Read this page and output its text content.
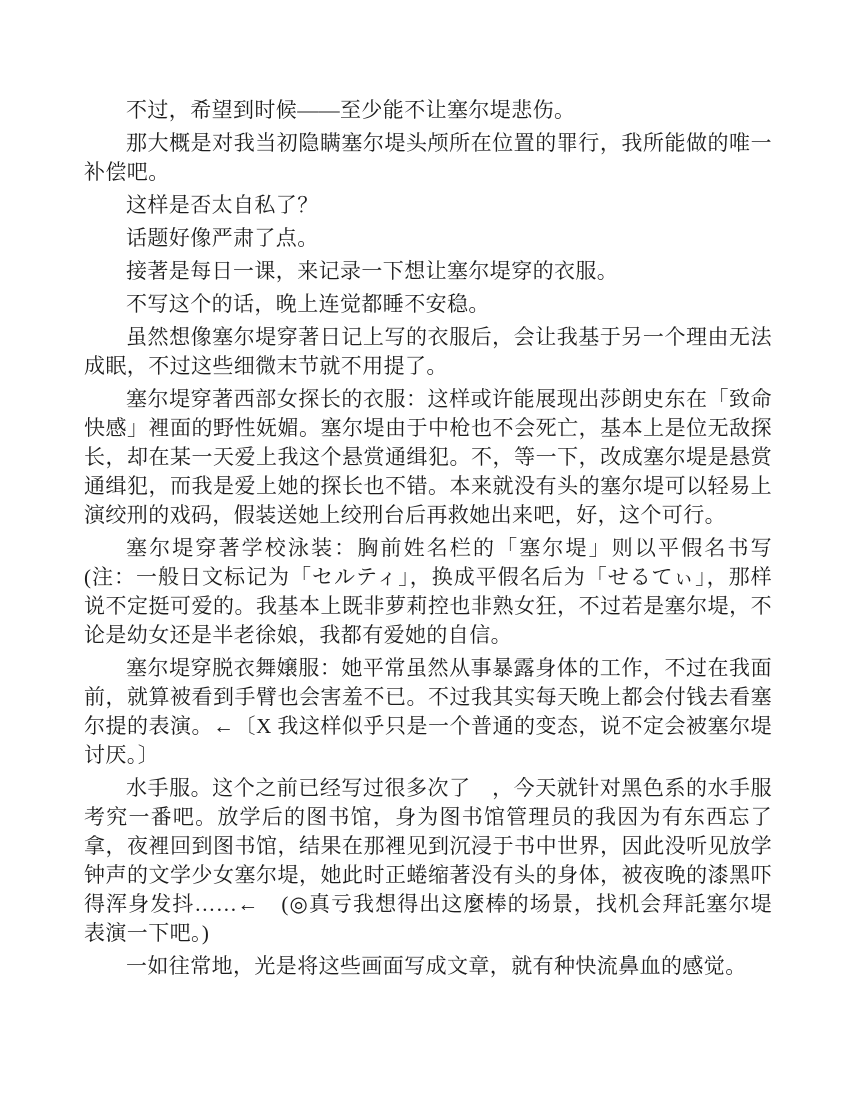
不过，希望到时候——至少能不让塞尔堤悲伤。

那大概是对我当初隐瞒塞尔堤头颅所在位置的罪行，我所能做的唯一补偿吧。

这样是否太自私了？

话题好像严肃了点。

接著是每日一课，来记录一下想让塞尔堤穿的衣服。

不写这个的话，晚上连觉都睡不安稳。

虽然想像塞尔堤穿著日记上写的衣服后，会让我基于另一个理由无法成眠，不过这些细微末节就不用提了。

塞尔堤穿著西部女探长的衣服：这样或许能展现出莎朗史东在「致命快感」裡面的野性妩媚。塞尔堤由于中枪也不会死亡，基本上是位无敌探长，却在某一天爱上我这个悬赏通缉犯。不，等一下，改成塞尔堤是悬赏通缉犯，而我是爱上她的探长也不错。本来就没有头的塞尔堤可以轻易上演绞刑的戏码，假装送她上绞刑台后再救她出来吧，好，这个可行。

塞尔堤穿著学校泳装：胸前姓名栏的「塞尔堤」则以平假名书写(注：一般日文标记为「セルティ」，换成平假名后为「せるてぃ」，那样说不定挺可爱的。我基本上既非萝莉控也非熟女狂，不过若是塞尔堤，不论是幼女还是半老徐娘，我都有爱她的自信。

塞尔堤穿脱衣舞嬢服：她平常虽然从事暴露身体的工作，不过在我面前，就算被看到手臂也会害羞不已。不过我其实每天晚上都会付钱去看塞尔提的表演。←〔X 我这样似乎只是一个普通的变态，说不定会被塞尔堤讨厌。〕

水手服。这个之前已经写过很多次了　，今天就针对黑色系的水手服考究一番吧。放学后的图书馆，身为图书馆管理员的我因为有东西忘了拿，夜裡回到图书馆，结果在那裡见到沉浸于书中世界，因此没听见放学钟声的文学少女塞尔堤，她此时正蜷缩著没有头的身体，被夜晚的漆黑吓得浑身发抖……←　(◎真亏我想得出这麼棒的场景，找机会拜託塞尔堤表演一下吧。)

一如往常地，光是将这些画面写成文章，就有种快流鼻血的感觉。
